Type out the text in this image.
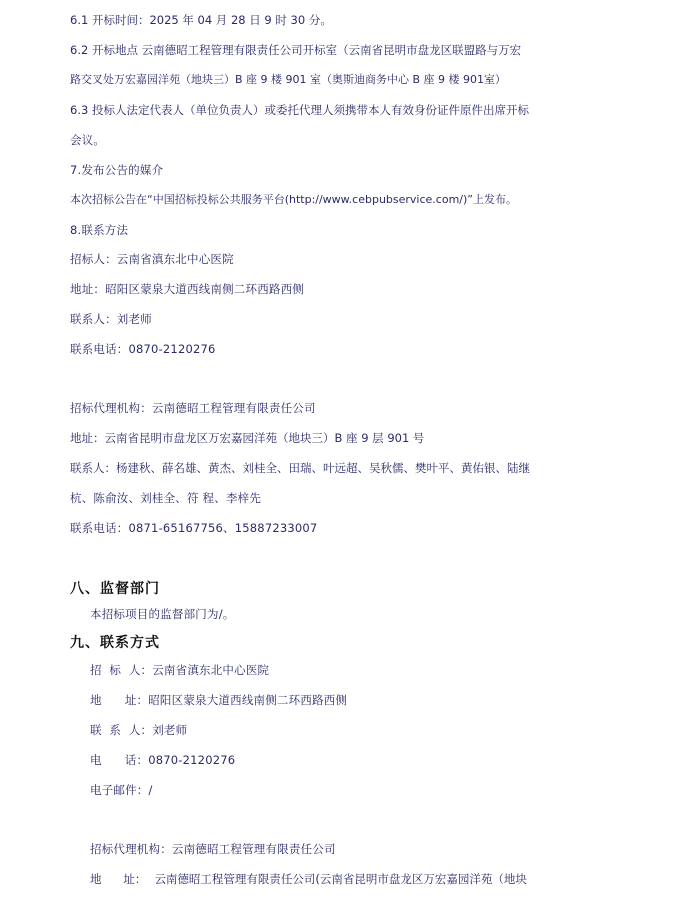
6.1 开标时间：2025 年 04 月 28 日 9 时 30 分。
6.2 开标地点 云南德昭工程管理有限责任公司开标室（云南省昆明市盘龙区联盟路与万宏
路交叉处万宏嘉园洋苑（地块三）B 座 9 楼 901 室（奥斯迪商务中心 B 座 9 楼 901室）
6.3 投标人法定代表人（单位负责人）或委托代理人须携带本人有效身份证件原件出席开标
会议。
7.发布公告的媒介
本次招标公告在“中国招标投标公共服务平台(http://www.cebpubservice.com/)”上发布。
8.联系方法
招标人：云南省滇东北中心医院
地址：昭阳区蒙泉大道西线南侧二环西路西侧
联系人：刘老师
联系电话：0870-2120276
招标代理机构：云南德昭工程管理有限责任公司
地址：云南省昆明市盘龙区万宏嘉园洋苑（地块三）B 座 9 层 901 号
联系人：杨建秋、薛名雄、黄杰、刘桂全、田瑞、叶远超、吴秋儒、樊叶平、黄佑银、陆继
杭、陈俞汝、刘桂全、符 程、李梓先
联系电话：0871-65167756、15887233007
八、监督部门
本招标项目的监督部门为/。
九、联系方式
招  标  人：云南省滇东北中心医院
地      址：昭阳区蒙泉大道西线南侧二环西路西侧
联  系  人：刘老师
电      话：0870-2120276
电子邮件：/
招标代理机构：云南德昭工程管理有限责任公司
地      址： 云南德昭工程管理有限责任公司(云南省昆明市盘龙区万宏嘉园洋苑（地块
